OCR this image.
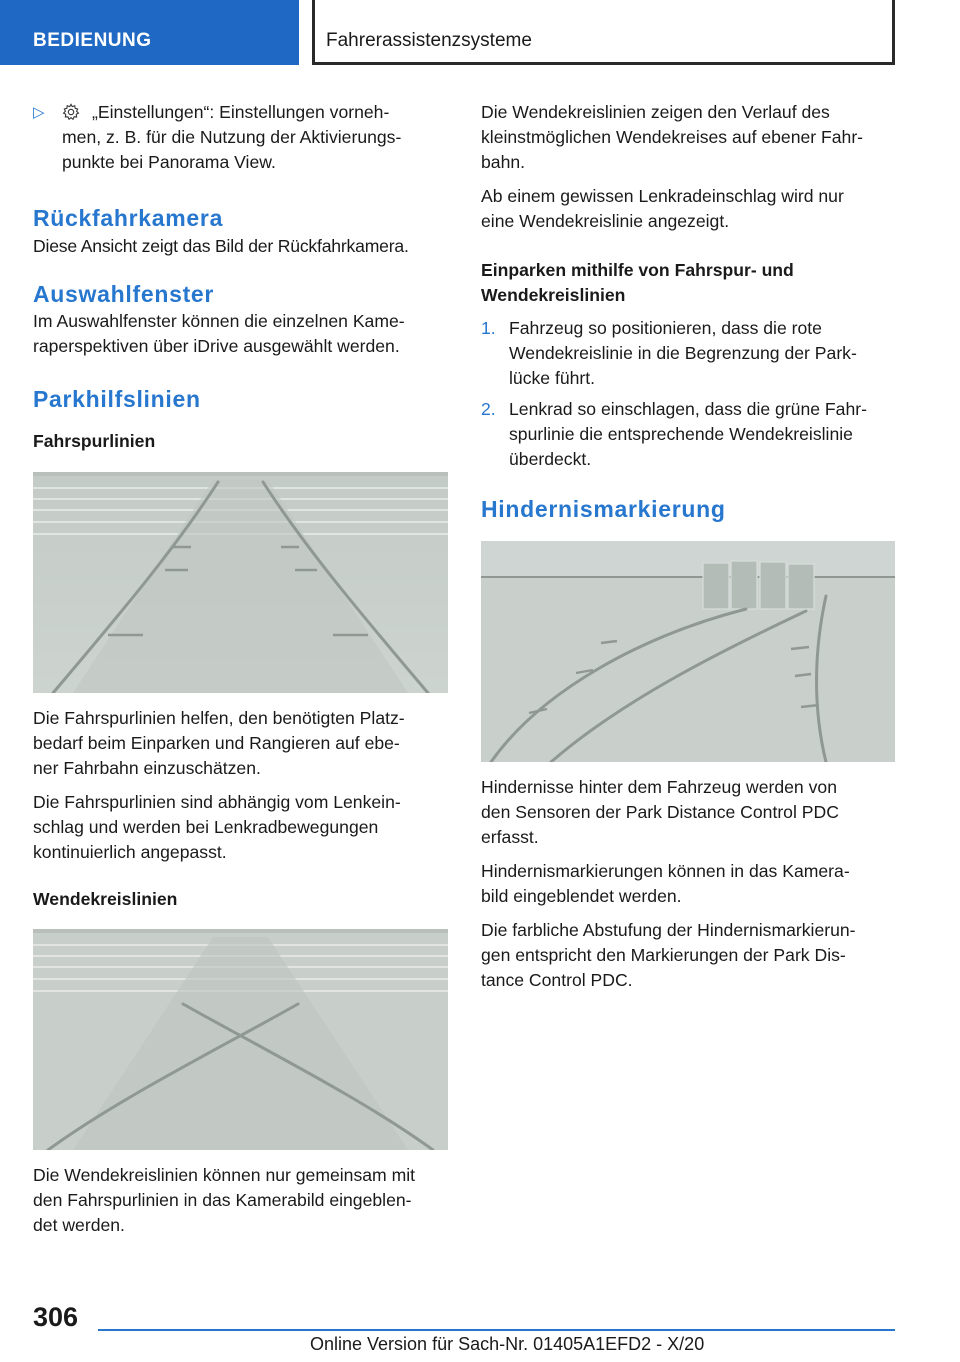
BEDIENUNG	Fahrerassistenzsysteme
▷	„Einstellungen“: Einstellungen vorneh-
men, z. B. für die Nutzung der Aktivierungs-
punkte bei Panorama View.
Rückfahrkamera

Diese Ansicht zeigt das Bild der Rückfahrkamera.

Auswahlfenster

Im Auswahlfenster können die einzelnen Kame-
raperspektiven über iDrive ausgewählt werden.

Parkhilfslinien
Fahrspurlinien

Die Fahrspurlinien helfen, den benötigten Platz-
bedarf beim Einparken und Rangieren auf ebe-
ner Fahrbahn einzuschätzen.

Die Fahrspurlinien sind abhängig vom Lenkein-
schlag und werden bei Lenkradbewegungen
kontinuierlich angepasst.

Wendekreislinien

Die Wendekreislinien können nur gemeinsam mit
den Fahrspurlinien in das Kamerabild eingeblen-
det werden.

Die Wendekreislinien zeigen den Verlauf des
kleinstmöglichen Wendekreises auf ebener Fahr-
bahn.

Ab einem gewissen Lenkradeinschlag wird nur
eine Wendekreislinie angezeigt.

Einparken mithilfe von Fahrspur- und
Wendekreislinien
1. Fahrzeug so positionieren, dass die rote
Wendekreislinie in die Begrenzung der Park-
lücke führt.
2. Lenkrad so einschlagen, dass die grüne Fahr-
spurlinie die entsprechende Wendekreislinie
überdeckt.
Hindernismarkierung

Hindernisse hinter dem Fahrzeug werden von
den Sensoren der Park Distance Control PDC
erfasst.

Hindernismarkierungen können in das Kamera-
bild eingeblendet werden.

Die farbliche Abstufung der Hindernismarkierun-
gen entspricht den Markierungen der Park Dis-
tance Control PDC.

306
Online Version für Sach-Nr. 01405A1EFD2 - X/20
